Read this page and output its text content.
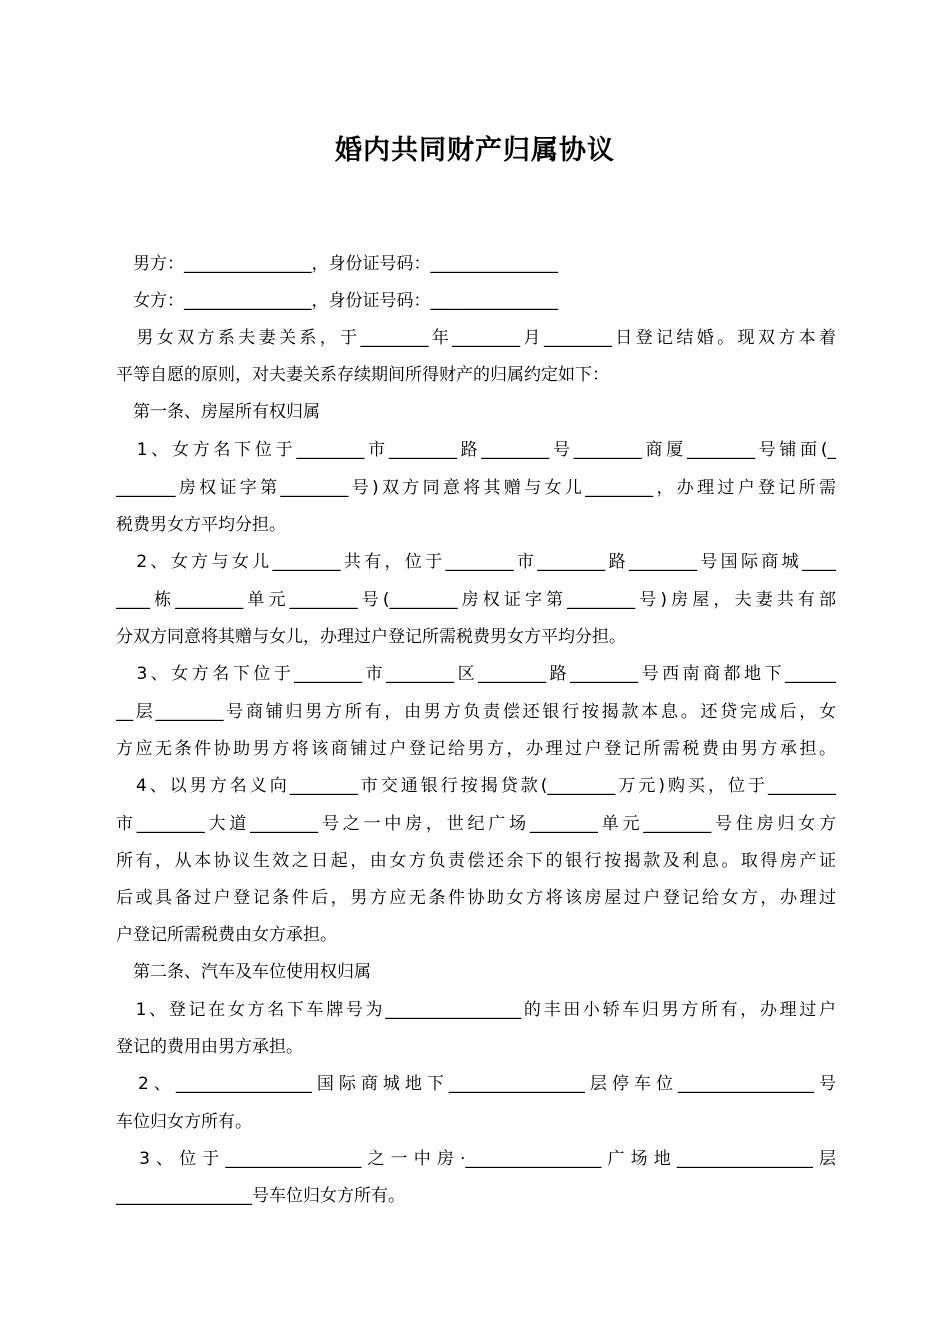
婚内共同财产归属协议
　男方：_______________，身份证号码：_______________
　女方：_______________，身份证号码：_______________
　男女双方系夫妻关系，于________年________月________日登记结婚。现双方本着
平等自愿的原则，对夫妻关系存续期间所得财产的归属约定如下：
　第一条、房屋所有权归属
　1、女方名下位于________市________路________号________商厦________号铺面(_
_______房权证字第________号)双方同意将其赠与女儿________，办理过户登记所需
税费男女方平均分担。
　2、女方与女儿________共有，位于________市________路________号国际商城____
____栋________单元________号(________房权证字第________号)房屋，夫妻共有部
分双方同意将其赠与女儿，办理过户登记所需税费男女方平均分担。
　3、女方名下位于________市________区________路________号西南商都地下______
__层________号商铺归男方所有，由男方负责偿还银行按揭款本息。还贷完成后，女
方应无条件协助男方将该商铺过户登记给男方，办理过户登记所需税费由男方承担。
　4、以男方名义向________市交通银行按揭贷款(________万元)购买，位于________
市________大道________号之一中房，世纪广场________单元________号住房归女方
所有，从本协议生效之日起，由女方负责偿还余下的银行按揭款及利息。取得房产证
后或具备过户登记条件后，男方应无条件协助女方将该房屋过户登记给女方，办理过
户登记所需税费由女方承担。
　第二条、汽车及车位使用权归属
　1、登记在女方名下车牌号为________________的丰田小轿车归男方所有，办理过户
登记的费用由男方承担。
　2、________________国际商城地下________________层停车位________________号
车位归女方所有。
　3、位于________________之一中房·________________广场地________________层
________________号车位归女方所有。
